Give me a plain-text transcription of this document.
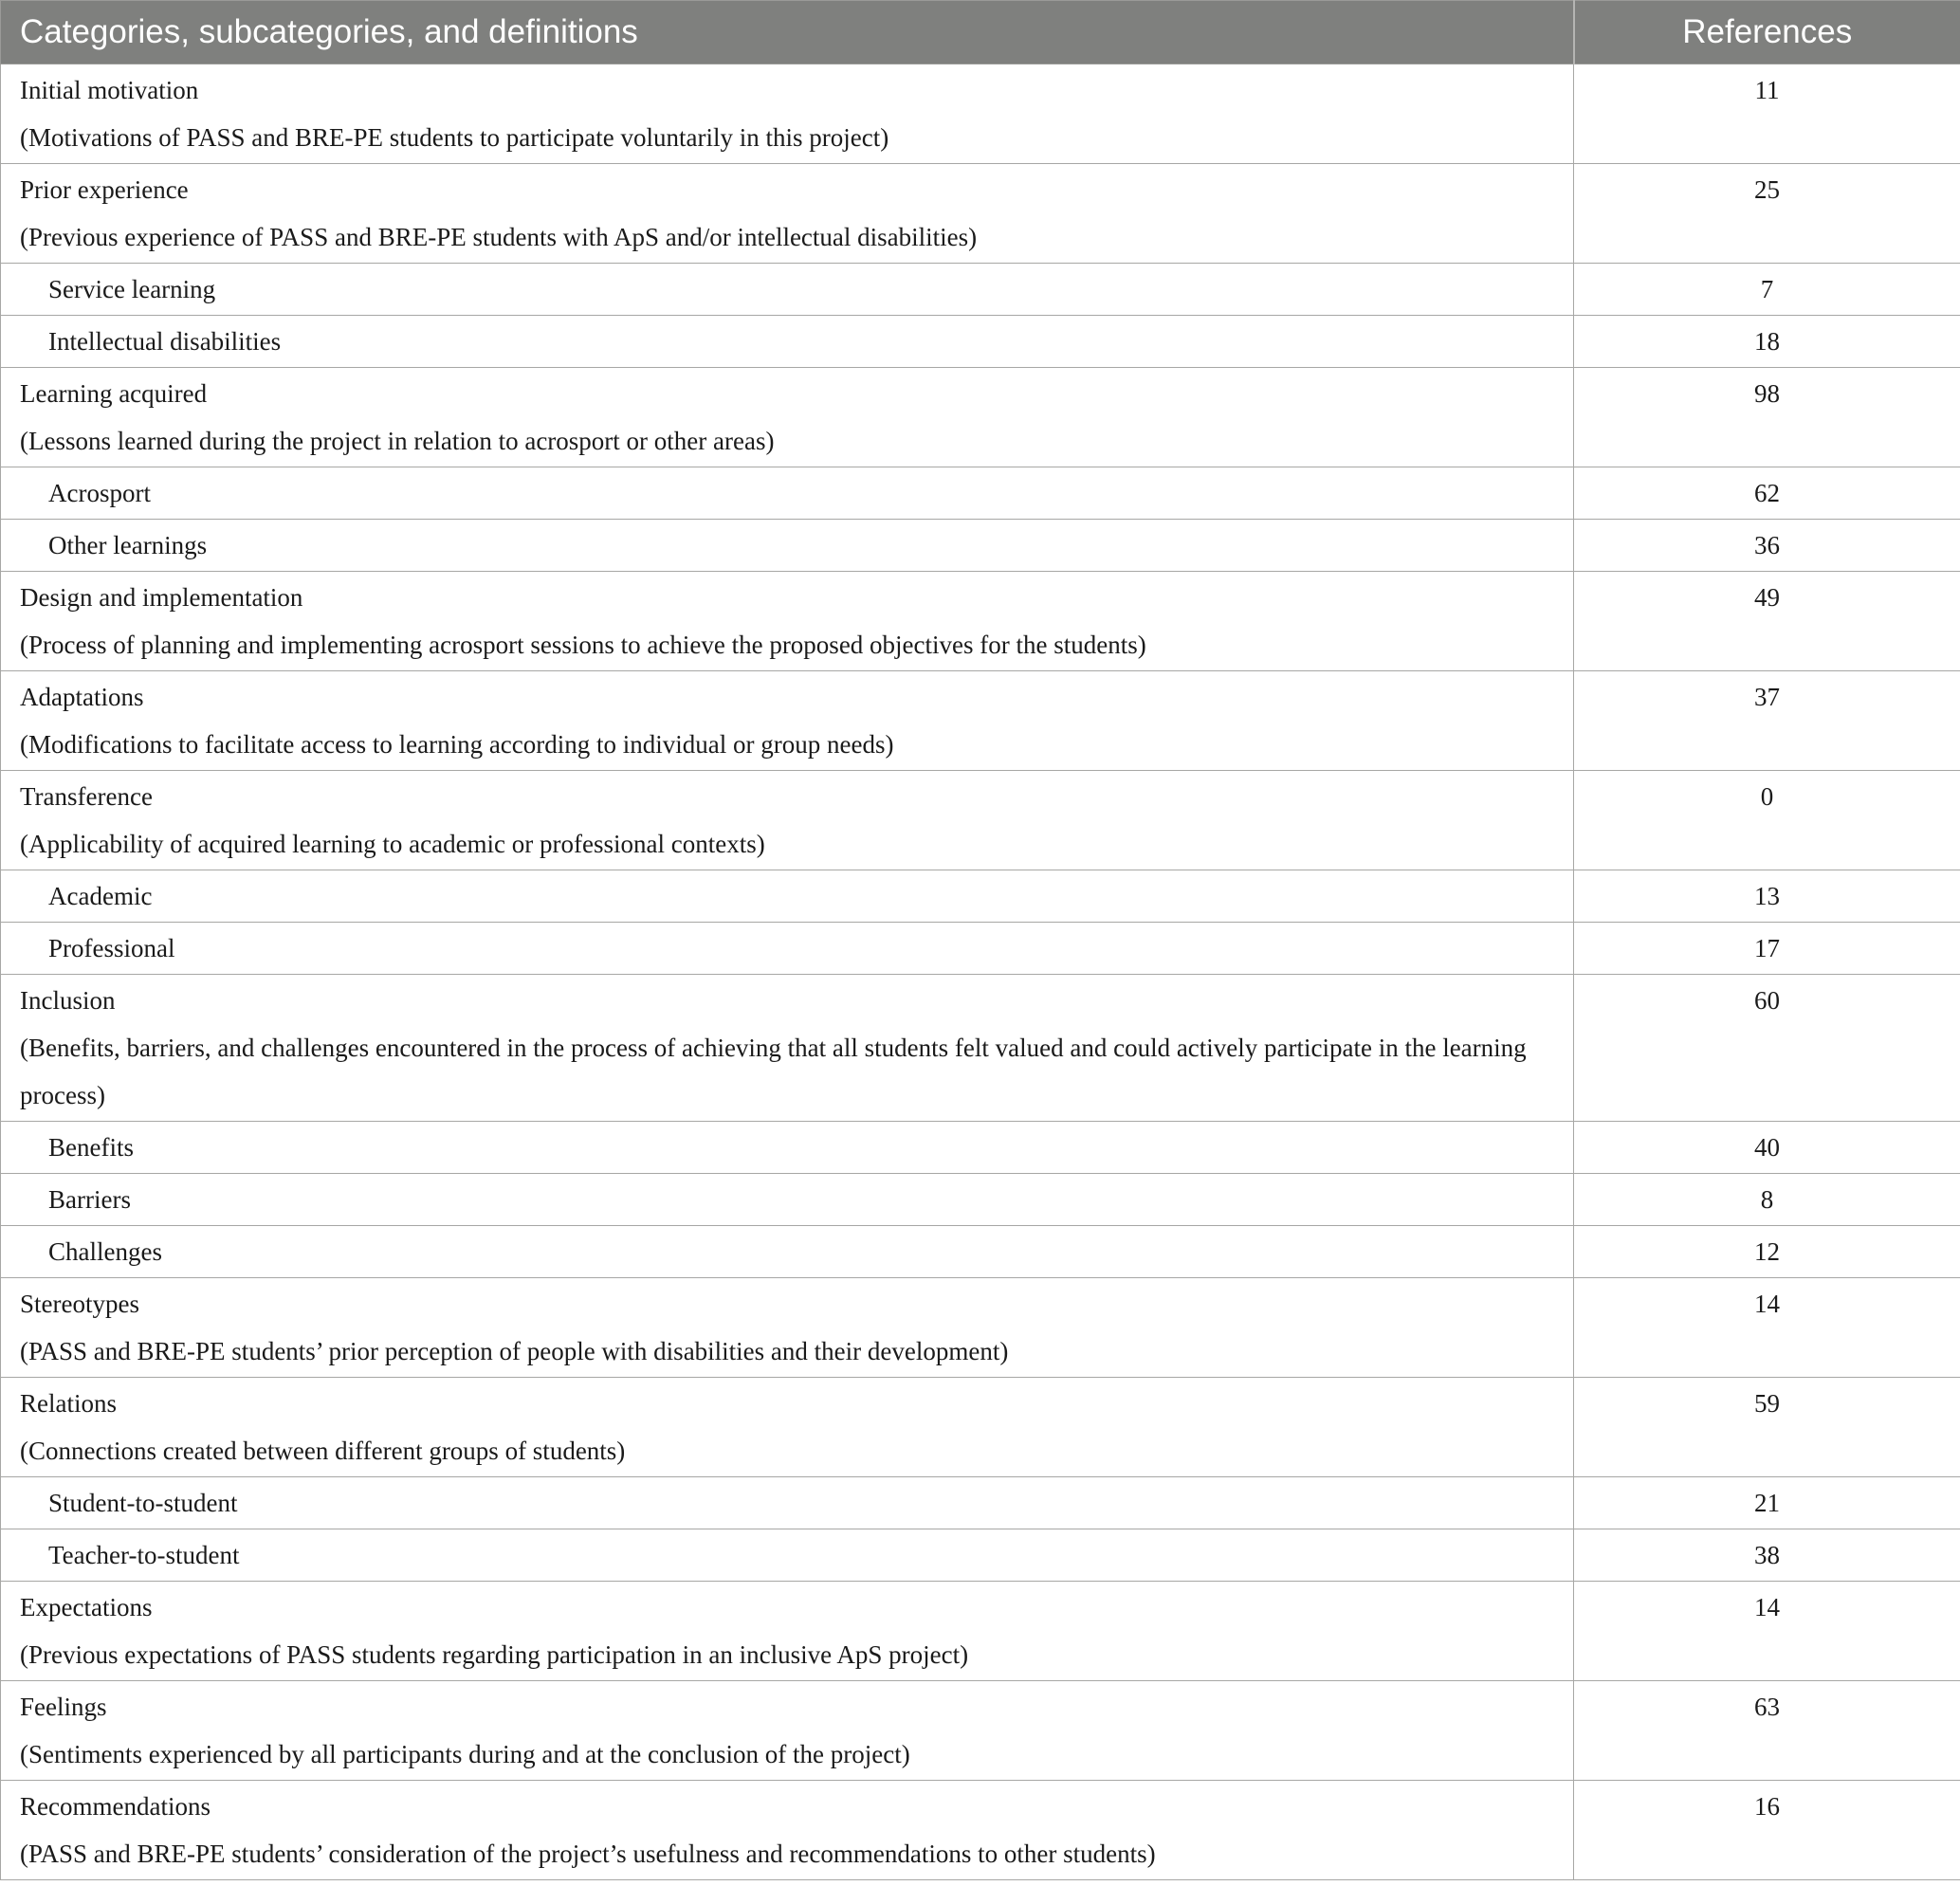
Categories, subcategories, and definitions	References

Initial motivation
(Motivations of PASS and BRE-PE students to participate voluntarily in this project)	11

Prior experience
(Previous experience of PASS and BRE-PE students with ApS and/or intellectual disabilities)	25

Service learning	7

Intellectual disabilities	18

Learning acquired
(Lessons learned during the project in relation to acrosport or other areas)	98

Acrosport	62

Other learnings	36

Design and implementation
(Process of planning and implementing acrosport sessions to achieve the proposed objectives for the students)	49

Adaptations
(Modifications to facilitate access to learning according to individual or group needs)	37

Transference
(Applicability of acquired learning to academic or professional contexts)	0

Academic	13

Professional	17

Inclusion
(Benefits, barriers, and challenges encountered in the process of achieving that all students felt valued and could actively participate in the learning process)	60

Benefits	40

Barriers	8

Challenges	12

Stereotypes
(PASS and BRE-PE students’ prior perception of people with disabilities and their development)	14

Relations
(Connections created between different groups of students)	59

Student-to-student	21

Teacher-to-student	38

Expectations
(Previous expectations of PASS students regarding participation in an inclusive ApS project)	14

Feelings
(Sentiments experienced by all participants during and at the conclusion of the project)	63

Recommendations
(PASS and BRE-PE students’ consideration of the project’s usefulness and recommendations to other students)	16
